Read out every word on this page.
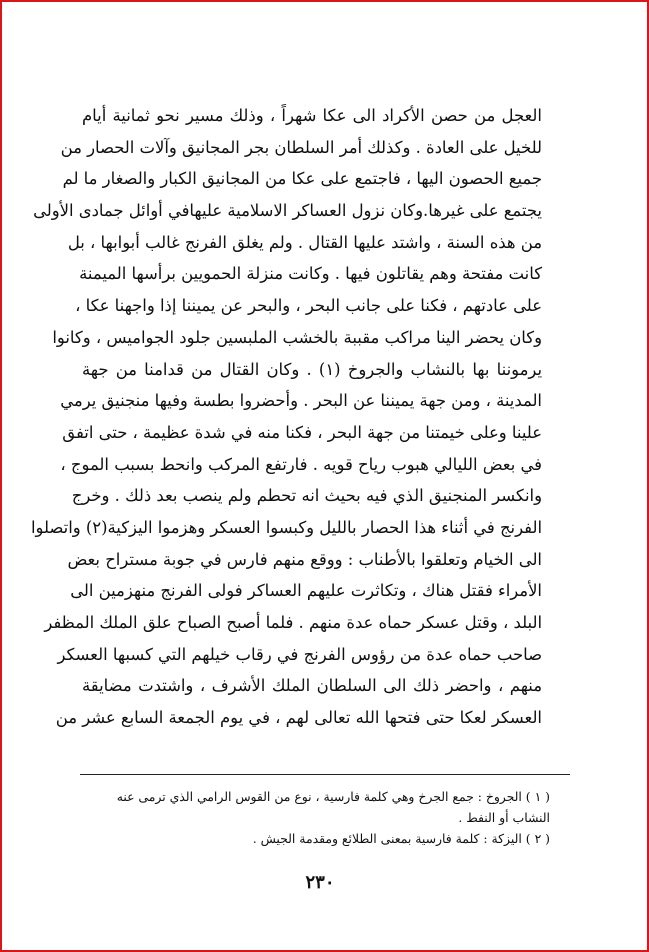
العجل من حصن الأكراد الى عكا شهراً ، وذلك مسير نحو ثمانية أيام
للخيل على العادة . وكذلك أمر السلطان بجر المجانيق وآلات الحصار من
جميع الحصون اليها ، فاجتمع على عكا من المجانيق الكبار والصغار ما لم
يجتمع على غيرها.وكان نزول العساكر الاسلامية عليهافي أوائل جمادى الأولى
من هذه السنة ، واشتد عليها القتال . ولم يغلق الفرنج غالب أبوابها ، بل
كانت مفتحة وهم يقاتلون فيها . وكانت منزلة الحمويين برأسها الميمنة
على عادتهم ، فكنا على جانب البحر ، والبحر عن يميننا إذا واجهنا عكا ،
وكان يحضر الينا مراكب مقببة بالخشب الملبسين جلود الجواميس ، وكانوا
يرموننا بها بالنشاب والجروخ (١) . وكان القتال من قدامنا من جهة
المدينة ، ومن جهة يميننا عن البحر . وأحضروا بطسة وفيها منجنيق يرمي
علينا وعلى خيمتنا من جهة البحر ، فكنا منه في شدة عظيمة ، حتى اتفق
في بعض الليالي هبوب رياح قويه . فارتفع المركب وانحط بسبب الموج ،
وانكسر المنجنيق الذي فيه بحيث انه تحطم ولم ينصب بعد ذلك . وخرج
الفرنج في أثناء هذا الحصار بالليل وكبسوا العسكر وهزموا اليزكية(٢) واتصلوا
الى الخيام وتعلقوا بالأطناب : ووقع منهم فارس في جوبة مستراح بعض
الأمراء فقتل هناك ، وتكاثرت عليهم العساكر فولى الفرنج منهزمين الى
البلد ، وقتل عسكر حماه عدة منهم . فلما أصبح الصباح علق الملك المظفر
صاحب حماه عدة من رؤوس الفرنج في رقاب خيلهم التي كسبها العسكر
منهم ، واحضر ذلك الى السلطان الملك الأشرف ، واشتدت مضايقة
العسكر لعكا حتى فتحها الله تعالى لهم ، في يوم الجمعة السابع عشر من
( ١ ) الجروخ : جمع الجرخ وهي كلمة فارسية ، نوع من القوس الرامي الذي ترمى عنه
النشاب أو النفط .
( ٢ ) اليزكة : كلمة فارسية بمعنى الطلائع ومقدمة الجيش .
٢٣٠
